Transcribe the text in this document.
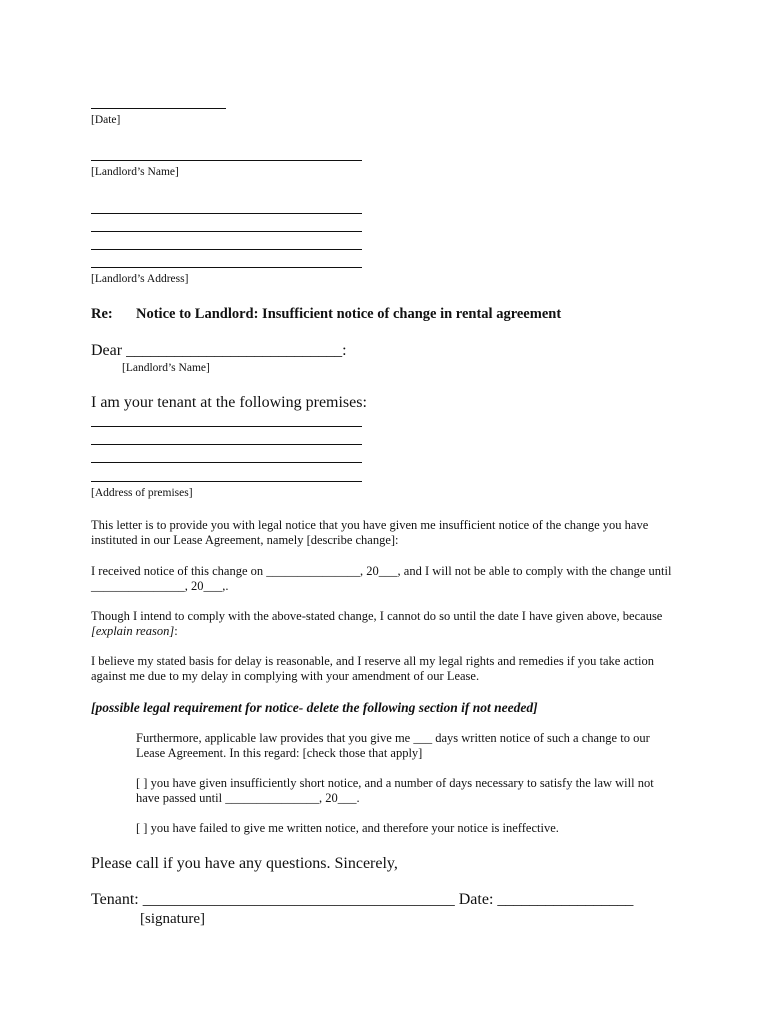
[Date]
[Landlord’s Name]
[Landlord’s Address]
Re: Notice to Landlord: Insufficient notice of change in rental agreement
Dear ___________________________:
[Landlord’s Name]
I am your tenant at the following premises:
[Address of premises]
This letter is to provide you with legal notice that you have given me insufficient notice of the change you have
instituted in our Lease Agreement, namely [describe change]:
I received notice of this change on _______________, 20___, and I will not be able to comply with the change until
_______________, 20___,.
Though I intend to comply with the above-stated change, I cannot do so until the date I have given above, because
[explain reason]:
I believe my stated basis for delay is reasonable, and I reserve all my legal rights and remedies if you take action
against me due to my delay in complying with your amendment of our Lease.
[possible legal requirement for notice- delete the following section if not needed]
Furthermore, applicable law provides that you give me ___ days written notice of such a change to our
Lease Agreement. In this regard: [check those that apply]
[ ] you have given insufficiently short notice, and a number of days necessary to satisfy the law will not
have passed until _______________, 20___.
[ ] you have failed to give me written notice, and therefore your notice is ineffective.
Please call if you have any questions. Sincerely,
Tenant: _______________________________________ Date: _________________
[signature]
